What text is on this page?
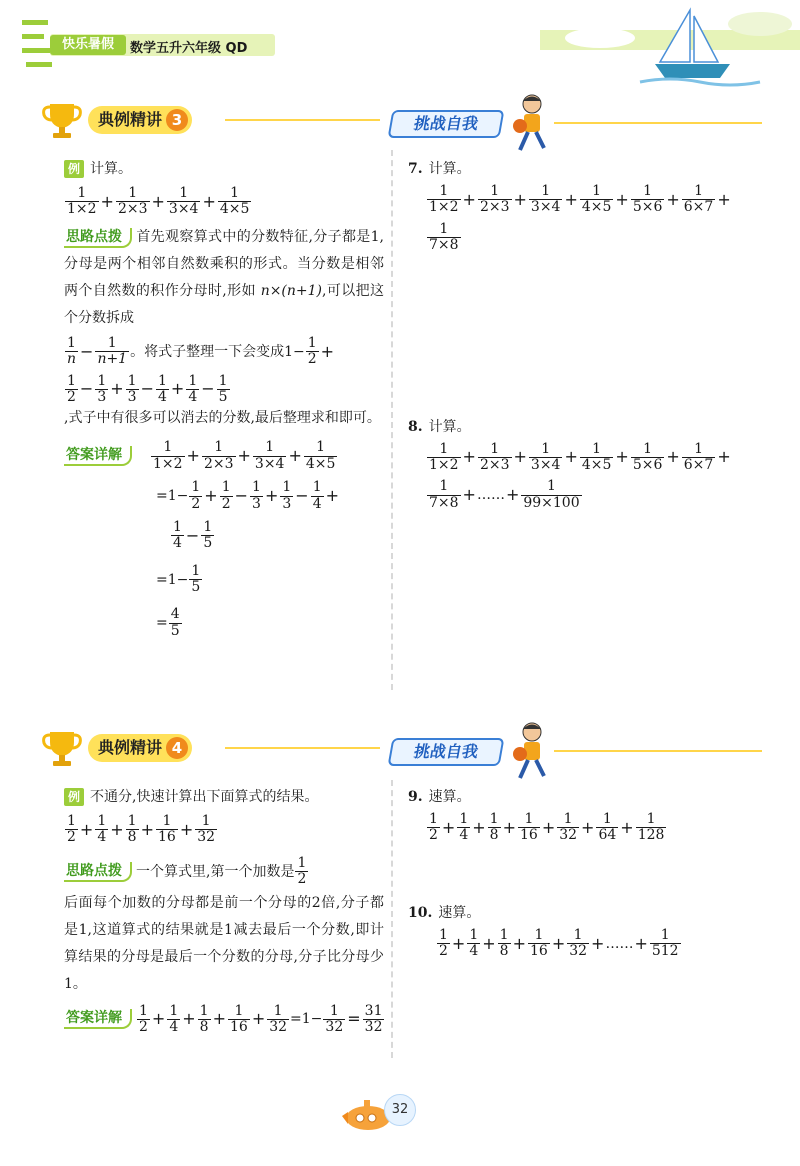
快乐暑假	数学五升六年级 QD
典例精讲 3	挑战自我
例 计算。
$\frac{1}{1\times 2} + \frac{1}{2\times 3} + \frac{1}{3\times 4} + \frac{1}{4\times 5}$
思路点拨 首先观察算式中的分数特征,分子都是1,分母是两个相邻自然数乘积的形式。当分数是相邻两个自然数的积作分母时,形如 n×(n+1),可以把这个分数拆成
$\frac{1}{n} - \frac{1}{n+1}$ 。将式子整理一下会变成 $1- \frac{1}{2}$ +
$\frac{1}{2} - \frac{1}{3} + \frac{1}{3} - \frac{1}{4} + \frac{1}{4} - \frac{1}{5}$
,式子中有很多可以消去的分数,最后整理求和即可。
答案详解	$\frac{1}{1\times 2} + \frac{1}{2\times 3} + \frac{1}{3\times 4} + \frac{1}{4\times 5}$
$=1- \frac{1}{2} + \frac{1}{2} - \frac{1}{3} + \frac{1}{3} - \frac{1}{4}$ +
$\frac{1}{4} - \frac{1}{5}$
$=1- \frac{1}{5}$
= $\frac{4}{5}$
7. 计算。
$\frac{1}{1\times 2} + \frac{1}{2\times 3} + \frac{1}{3\times 4} + \frac{1}{4\times 5} + \frac{1}{5\times 6} + \frac{1}{6\times 7}$ +
$\frac{1}{7\times 8}$
8. 计算。
$\frac{1}{1\times 2} + \frac{1}{2\times 3} + \frac{1}{3\times 4} + \frac{1}{4\times 5} + \frac{1}{5\times 6} + \frac{1}{6\times 7}$ +
$\frac{1}{7\times 8}$ + …… + $\frac{1}{99\times 100}$
典例精讲 4	挑战自我
例 不通分,快速计算出下面算式的结果。
$\frac{1}{2} + \frac{1}{4} + \frac{1}{8} + \frac{1}{16} + \frac{1}{32}$
思路点拨	一个算式里,第一个加数是 $\frac{1}{2}$
后面每个加数的分母都是前一个分母的2倍,分子都是1,这道算式的结果就是1减去最后一个分数,即计算结果的分母是最后一个分数的分母,分子比分母少1。
答案详解	$\frac{1}{2} + \frac{1}{4} + \frac{1}{8} + \frac{1}{16} + \frac{1}{32} =1- \frac{1}{32} = \frac{31}{32}$
9. 速算。
$\frac{1}{2} + \frac{1}{4} + \frac{1}{8} + \frac{1}{16} + \frac{1}{32} + \frac{1}{64} + \frac{1}{128}$
10. 速算。
$\frac{1}{2} + \frac{1}{4} + \frac{1}{8} + \frac{1}{16} + \frac{1}{32}$ + …… + $\frac{1}{512}$
32
